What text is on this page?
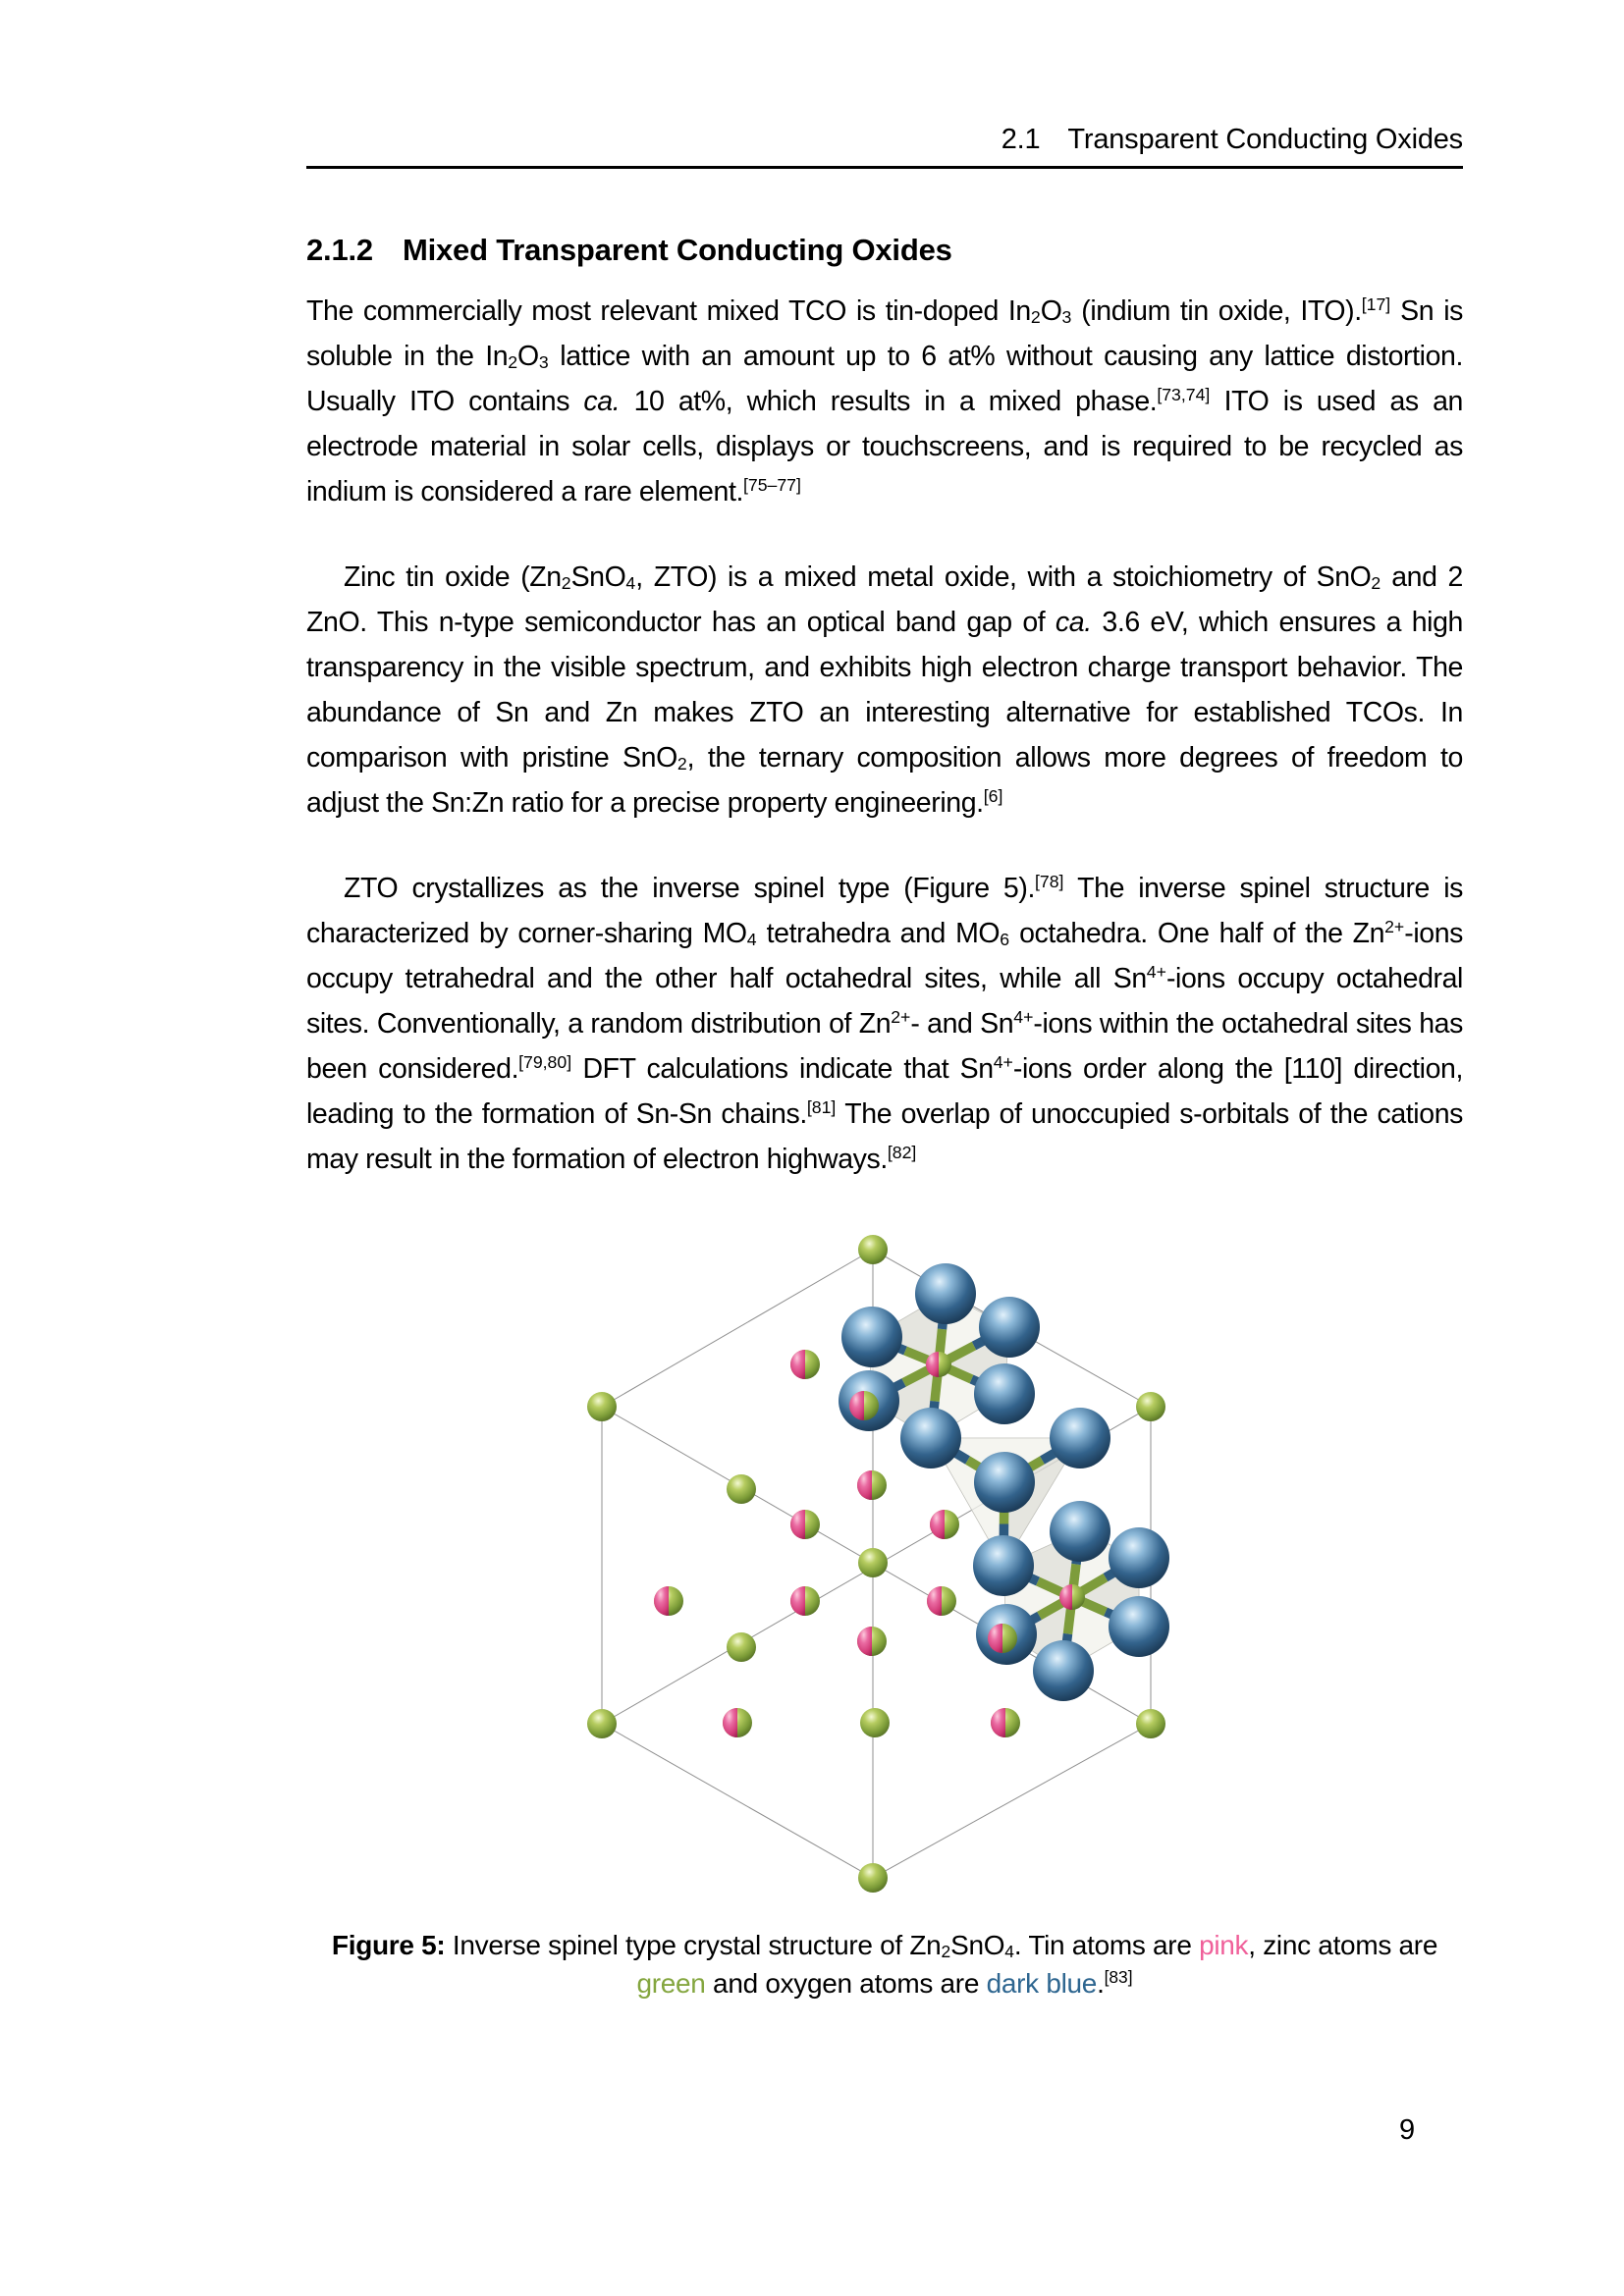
2.1 Transparent Conducting Oxides
2.1.2 Mixed Transparent Conducting Oxides

The commercially most relevant mixed TCO is tin-doped $In_2O_3$ (indium tin oxide, ITO).[17] Sn is soluble in the $In_2O_3$ lattice with an amount up to 6 at% without causing any lattice distortion. Usually ITO contains ca. 10 at%, which results in a mixed phase.[73,74] ITO is used as an electrode material in solar cells, displays or touchscreens, and is required to be recycled as indium is considered a rare element.[75–77]

Zinc tin oxide ($Zn_2SnO_4$, ZTO) is a mixed metal oxide, with a stoichiometry of SnO$_2$ and 2 ZnO. This n-type semiconductor has an optical band gap of ca. 3.6 eV, which ensures a high transparency in the visible spectrum, and exhibits high electron charge transport behavior. The abundance of Sn and Zn makes ZTO an interesting alternative for established TCOs. In comparison with pristine SnO$_2$, the ternary composition allows more degrees of freedom to adjust the Sn:Zn ratio for a precise property engineering.[6]

ZTO crystallizes as the inverse spinel type (Figure 5).[78] The inverse spinel structure is characterized by corner-sharing $MO_4$ tetrahedra and $MO_6$ octahedra. One half of the $Zn^{2+}$-ions occupy tetrahedral and the other half octahedral sites, while all $Sn^{4+}$-ions occupy octahedral sites. Conventionally, a random distribution of $Zn^{2+}-$ and $Sn^{4+}$-ions within the octahedral sites has been considered.[79,80] DFT calculations indicate that $Sn^{4+}$-ions order along the [110] direction, leading to the formation of Sn-Sn chains.[81] The overlap of unoccupied s-orbitals of the cations may result in the formation of electron highways.[82]

Figure 5: Inverse spinel type crystal structure of $Zn_2SnO_4$. Tin atoms are pink, zinc atoms are green and oxygen atoms are dark blue.[83]
9
